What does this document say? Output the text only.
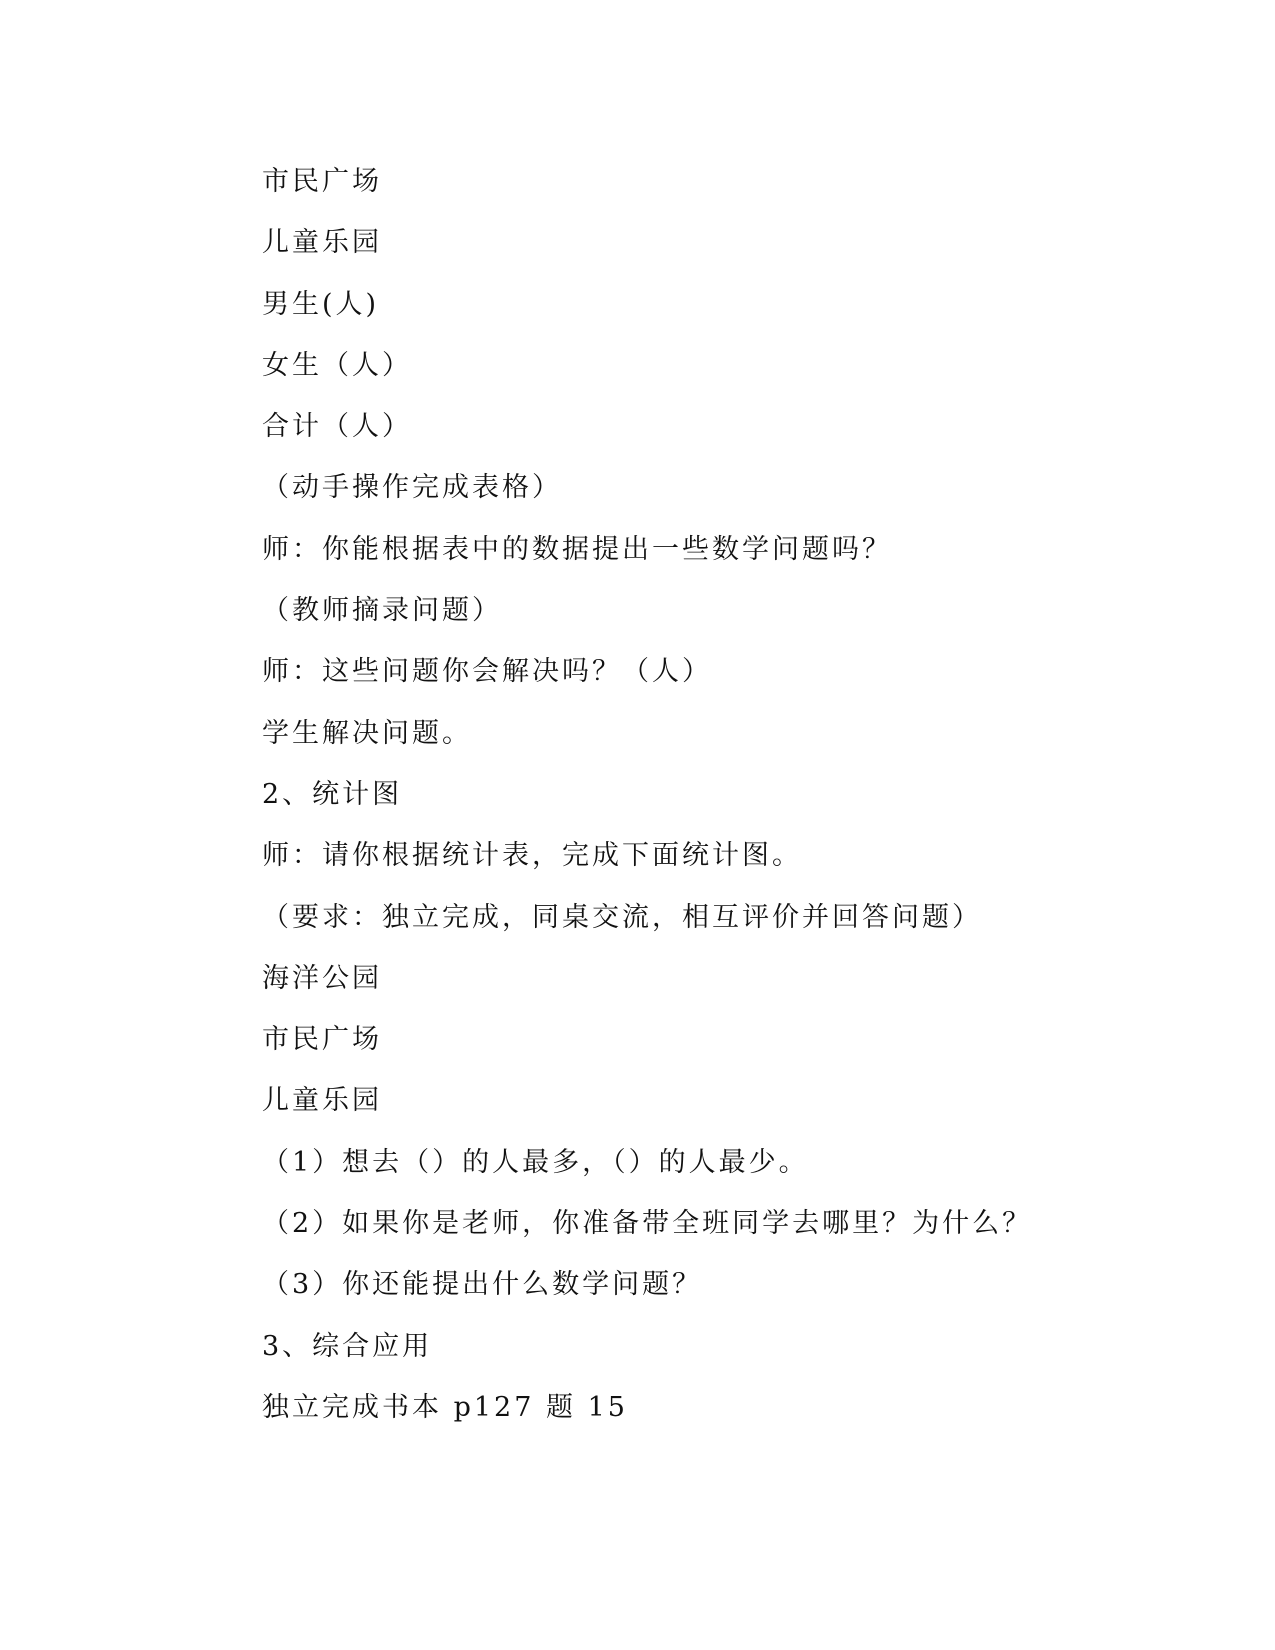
市民广场
儿童乐园
男生(人)
女生（人）
合计（人）
（动手操作完成表格）
师：你能根据表中的数据提出一些数学问题吗？
（教师摘录问题）
师：这些问题你会解决吗？（人）
学生解决问题。
2、统计图
师：请你根据统计表，完成下面统计图。
（要求：独立完成，同桌交流，相互评价并回答问题）
海洋公园
市民广场
儿童乐园
（1）想去（）的人最多，（）的人最少。
（2）如果你是老师，你准备带全班同学去哪里？为什么？
（3）你还能提出什么数学问题？
3、综合应用
独立完成书本 p127 题 15
